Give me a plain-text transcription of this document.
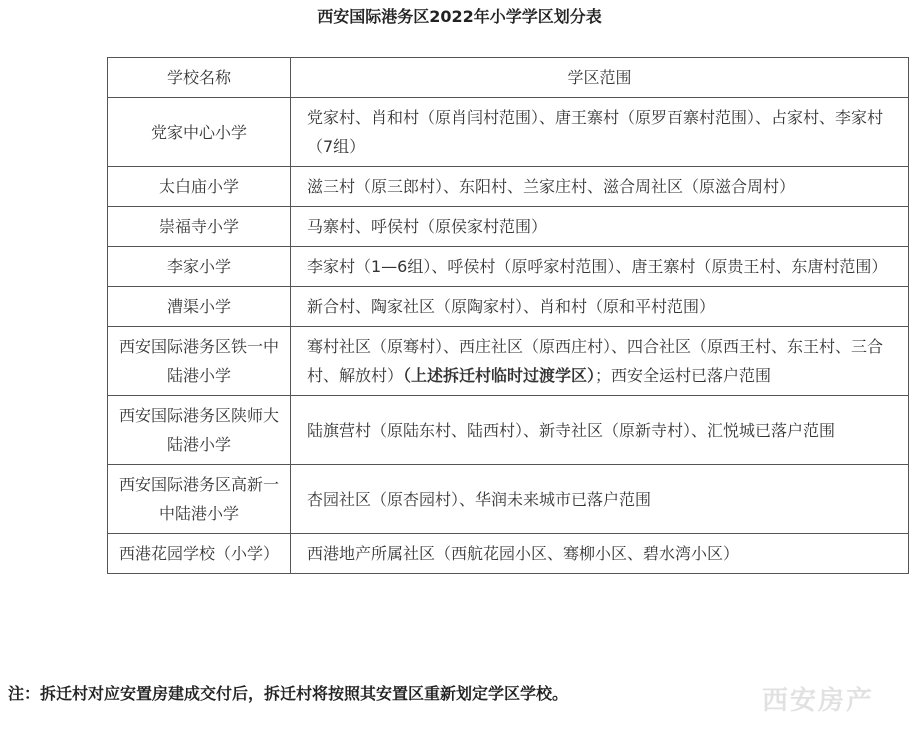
西安国际港务区2022年小学学区划分表
学校名称	学区范围
党家中心小学	党家村、肖和村（原肖闫村范围）、唐王寨村（原罗百寨村范围）、占家村、李家村（7组）
太白庙小学	滋三村（原三郎村）、东阳村、兰家庄村、滋合周社区（原滋合周村）
崇福寺小学	马寨村、呼侯村（原侯家村范围）
李家小学	李家村（1—6组）、呼侯村（原呼家村范围）、唐王寨村（原贵王村、东唐村范围）
漕渠小学	新合村、陶家社区（原陶家村）、肖和村（原和平村范围）
西安国际港务区铁一中陆港小学	骞村社区（原骞村）、西庄社区（原西庄村）、四合社区（原西王村、东王村、三合村、解放村）（上述拆迁村临时过渡学区）；西安全运村已落户范围
西安国际港务区陕师大陆港小学	陆旗营村（原陆东村、陆西村）、新寺社区（原新寺村）、汇悦城已落户范围
西安国际港务区高新一中陆港小学	杏园社区（原杏园村）、华润未来城市已落户范围
西港花园学校（小学）	西港地产所属社区（西航花园小区、骞柳小区、碧水湾小区）
注：拆迁村对应安置房建成交付后，拆迁村将按照其安置区重新划定学区学校。	西安房产
